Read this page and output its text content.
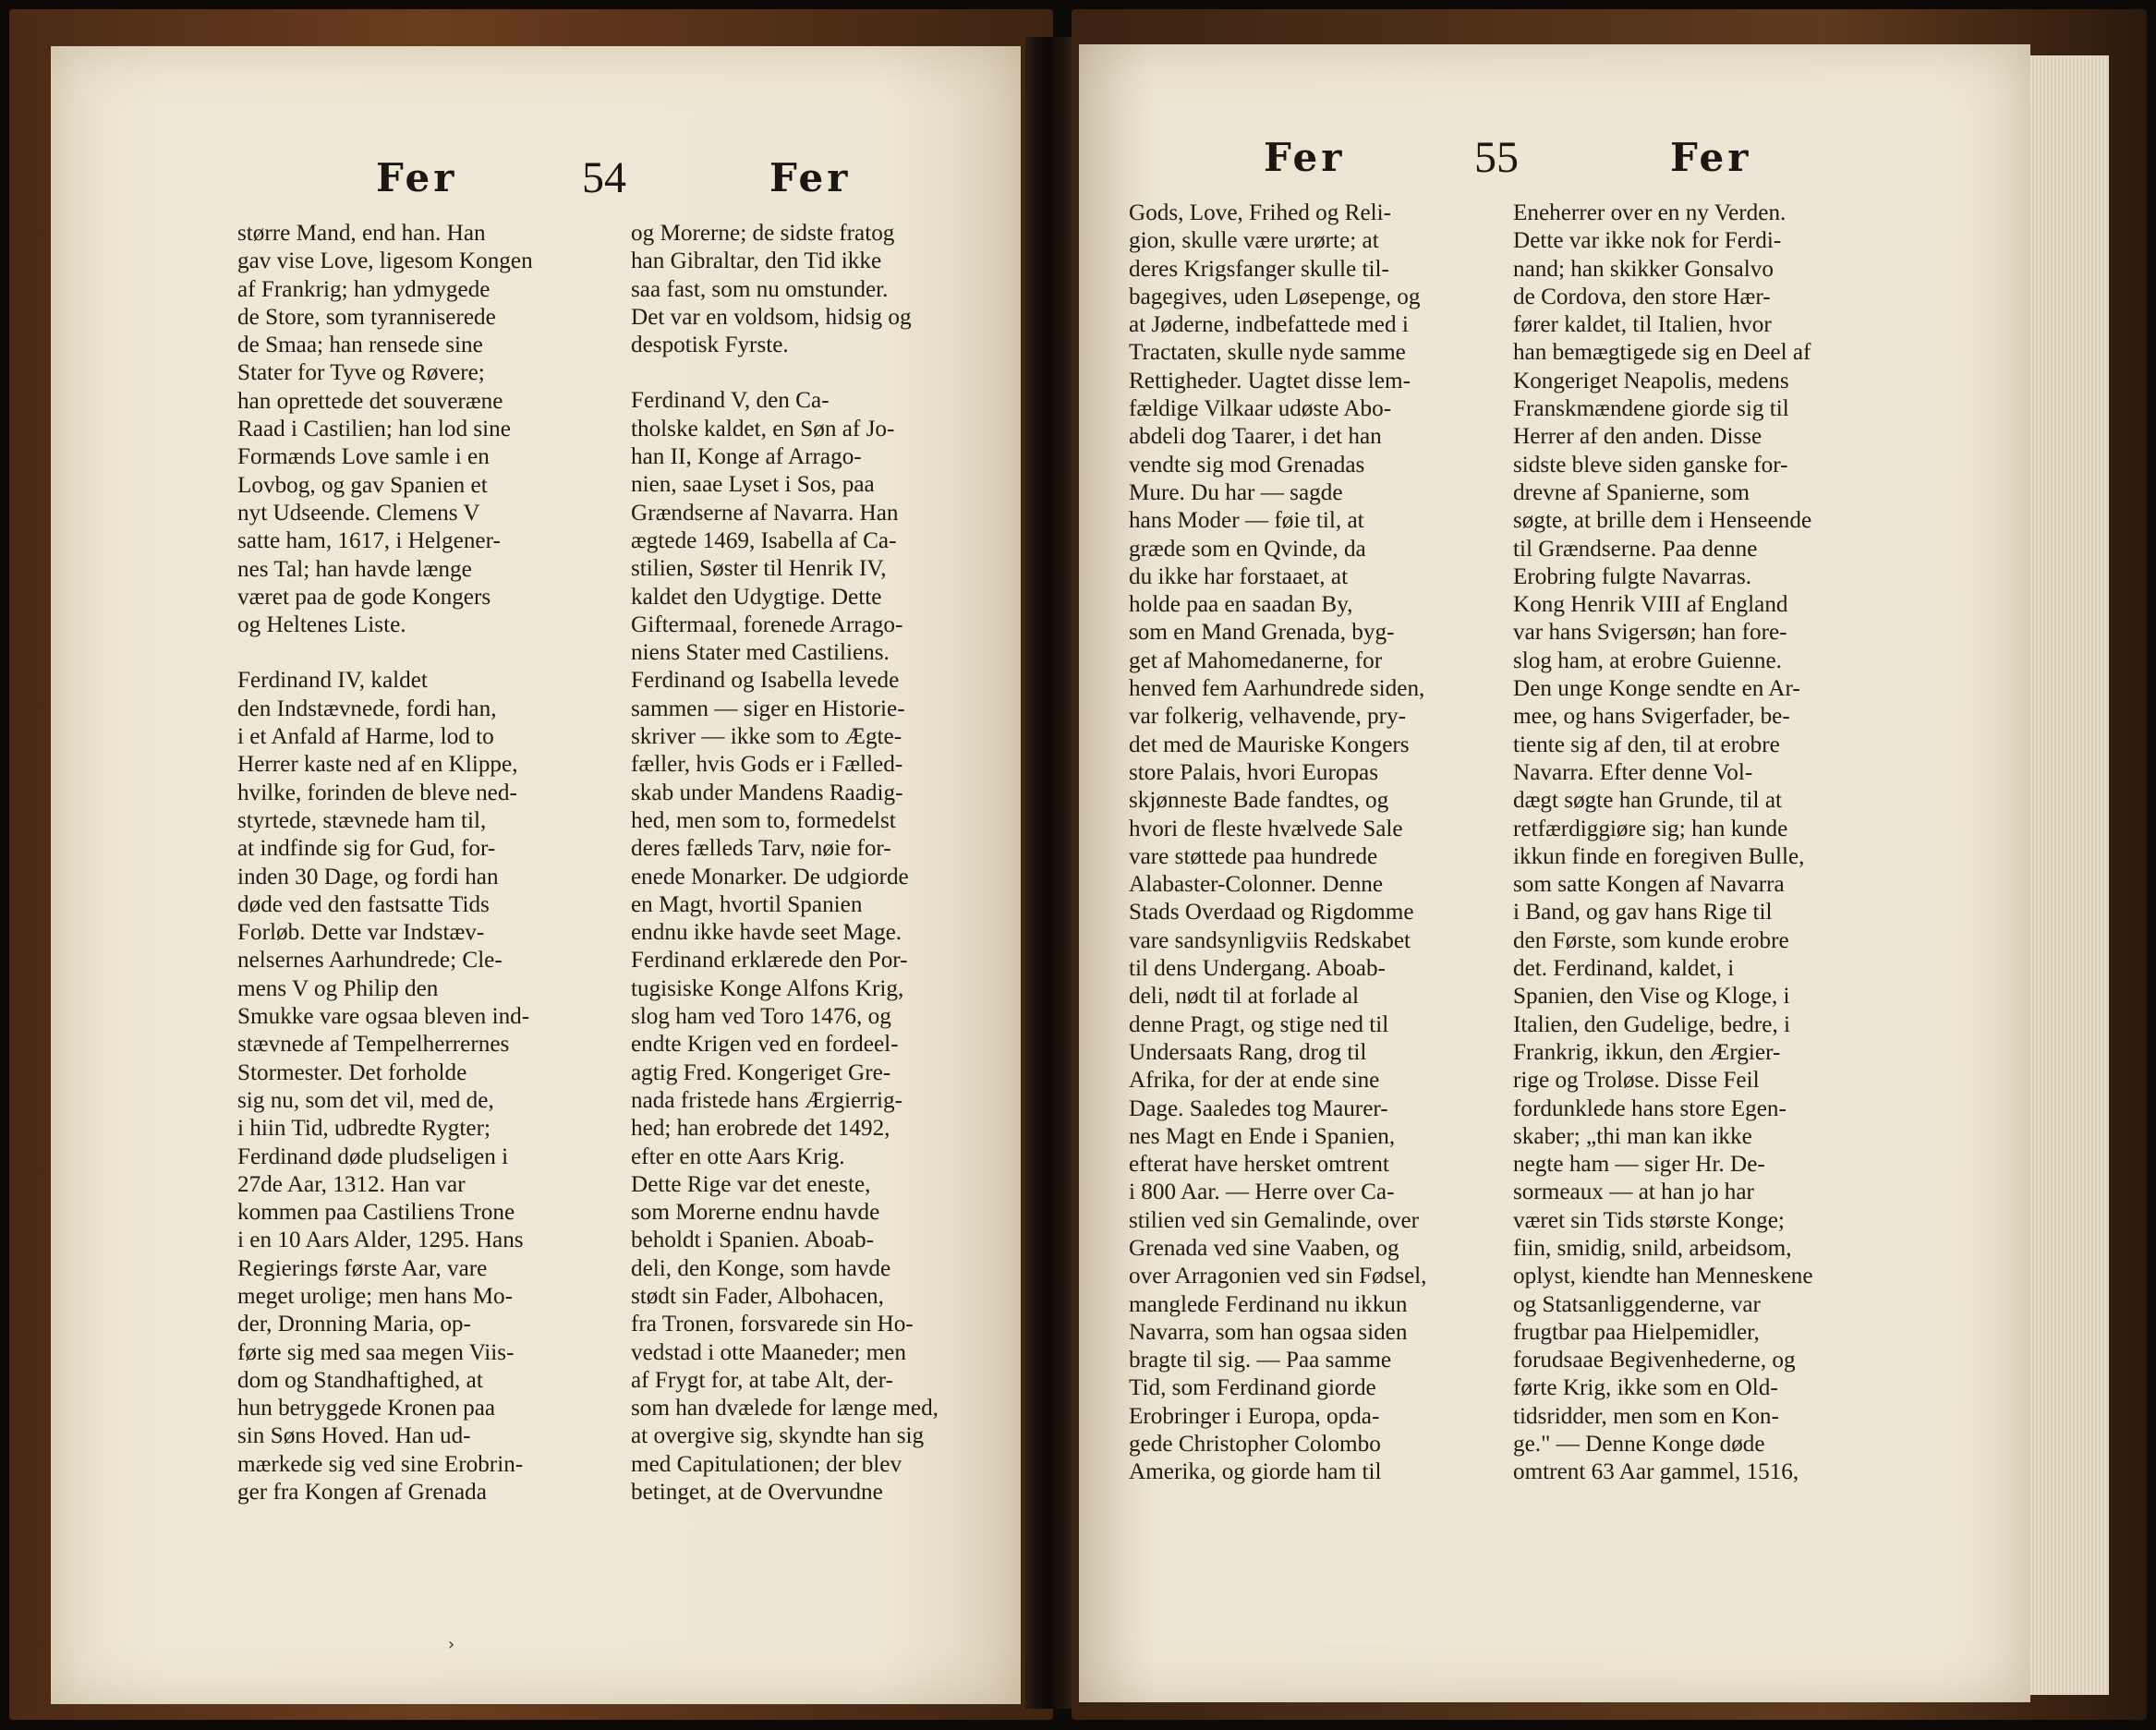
Fer	54	Fer
større Mand, end han. Han
gav vise Love, ligesom Kongen
af Frankrig; han ydmygede
de Store, som tyranniserede
de Smaa; han rensede sine
Stater for Tyve og Røvere;
han oprettede det souveræne
Raad i Castilien; han lod sine
Formænds Love samle i en
Lovbog, og gav Spanien et
nyt Udseende. Clemens V
satte ham, 1617, i Helgener-
nes Tal; han havde længe
været paa de gode Kongers
og Heltenes Liste.
Ferdinand IV, kaldet
den Indstævnede, fordi han,
i et Anfald af Harme, lod to
Herrer kaste ned af en Klippe,
hvilke, forinden de bleve ned-
styrtede, stævnede ham til,
at indfinde sig for Gud, for-
inden 30 Dage, og fordi han
døde ved den fastsatte Tids
Forløb. Dette var Indstæv-
nelsernes Aarhundrede; Cle-
mens V og Philip den
Smukke vare ogsaa bleven ind-
stævnede af Tempelherrernes
Stormester. Det forholde
sig nu, som det vil, med de,
i hiin Tid, udbredte Rygter;
Ferdinand døde pludseligen i
27de Aar, 1312. Han var
kommen paa Castiliens Trone
i en 10 Aars Alder, 1295. Hans
Regierings første Aar, vare
meget urolige; men hans Mo-
der, Dronning Maria, op-
førte sig med saa megen Viis-
dom og Standhaftighed, at
hun betryggede Kronen paa
sin Søns Hoved. Han ud-
mærkede sig ved sine Erobrin-
ger fra Kongen af Grenada
og Morerne; de sidste fratog
han Gibraltar, den Tid ikke
saa fast, som nu omstunder.
Det var en voldsom, hidsig og
despotisk Fyrste.
Ferdinand V, den Ca-
tholske kaldet, en Søn af Jo-
han II, Konge af Arrago-
nien, saae Lyset i Sos, paa
Grændserne af Navarra. Han
ægtede 1469, Isabella af Ca-
stilien, Søster til Henrik IV,
kaldet den Udygtige. Dette
Giftermaal, forenede Arrago-
niens Stater med Castiliens.
Ferdinand og Isabella levede
sammen — siger en Historie-
skriver — ikke som to Ægte-
fæller, hvis Gods er i Fælled-
skab under Mandens Raadig-
hed, men som to, formedelst
deres fælleds Tarv, nøie for-
enede Monarker. De udgiorde
en Magt, hvortil Spanien
endnu ikke havde seet Mage.
Ferdinand erklærede den Por-
tugisiske Konge Alfons Krig,
slog ham ved Toro 1476, og
endte Krigen ved en fordeel-
agtig Fred. Kongeriget Gre-
nada fristede hans Ærgierrig-
hed; han erobrede det 1492,
efter en otte Aars Krig.
Dette Rige var det eneste,
som Morerne endnu havde
beholdt i Spanien. Aboab-
deli, den Konge, som havde
stødt sin Fader, Albohacen,
fra Tronen, forsvarede sin Ho-
vedstad i otte Maaneder; men
af Frygt for, at tabe Alt, der-
som han dvælede for længe med,
at overgive sig, skyndte han sig
med Capitulationen; der blev
betinget, at de Overvundne
›
Fer	55	Fer
Gods, Love, Frihed og Reli-
gion, skulle være urørte; at
deres Krigsfanger skulle til-
bagegives, uden Løsepenge, og
at Jøderne, indbefattede med i
Tractaten, skulle nyde samme
Rettigheder. Uagtet disse lem-
fældige Vilkaar udøste Abo-
abdeli dog Taarer, i det han
vendte sig mod Grenadas
Mure. Du har — sagde
hans Moder — føie til, at
græde som en Qvinde, da
du ikke har forstaaet, at
holde paa en saadan By,
som en Mand Grenada, byg-
get af Mahomedanerne, for
henved fem Aarhundrede siden,
var folkerig, velhavende, pry-
det med de Mauriske Kongers
store Palais, hvori Europas
skjønneste Bade fandtes, og
hvori de fleste hvælvede Sale
vare støttede paa hundrede
Alabaster-Colonner. Denne
Stads Overdaad og Rigdomme
vare sandsynligviis Redskabet
til dens Undergang. Aboab-
deli, nødt til at forlade al
denne Pragt, og stige ned til
Undersaats Rang, drog til
Afrika, for der at ende sine
Dage. Saaledes tog Maurer-
nes Magt en Ende i Spanien,
efterat have hersket omtrent
i 800 Aar. — Herre over Ca-
stilien ved sin Gemalinde, over
Grenada ved sine Vaaben, og
over Arragonien ved sin Fødsel,
manglede Ferdinand nu ikkun
Navarra, som han ogsaa siden
bragte til sig. — Paa samme
Tid, som Ferdinand giorde
Erobringer i Europa, opda-
gede Christopher Colombo
Amerika, og giorde ham til
Eneherrer over en ny Verden.
Dette var ikke nok for Ferdi-
nand; han skikker Gonsalvo
de Cordova, den store Hær-
fører kaldet, til Italien, hvor
han bemægtigede sig en Deel af
Kongeriget Neapolis, medens
Franskmændene giorde sig til
Herrer af den anden. Disse
sidste bleve siden ganske for-
drevne af Spanierne, som
søgte, at brille dem i Henseende
til Grændserne. Paa denne
Erobring fulgte Navarras.
Kong Henrik VIII af England
var hans Svigersøn; han fore-
slog ham, at erobre Guienne.
Den unge Konge sendte en Ar-
mee, og hans Svigerfader, be-
tiente sig af den, til at erobre
Navarra. Efter denne Vol-
dægt søgte han Grunde, til at
retfærdiggiøre sig; han kunde
ikkun finde en foregiven Bulle,
som satte Kongen af Navarra
i Band, og gav hans Rige til
den Første, som kunde erobre
det. Ferdinand, kaldet, i
Spanien, den Vise og Kloge, i
Italien, den Gudelige, bedre, i
Frankrig, ikkun, den Ærgier-
rige og Troløse. Disse Feil
fordunklede hans store Egen-
skaber; „thi man kan ikke
negte ham — siger Hr. De-
sormeaux — at han jo har
været sin Tids største Konge;
fiin, smidig, snild, arbeidsom,
oplyst, kiendte han Menneskene
og Statsanliggenderne, var
frugtbar paa Hielpemidler,
forudsaae Begivenhederne, og
førte Krig, ikke som en Old-
tidsridder, men som en Kon-
ge." — Denne Konge døde
omtrent 63 Aar gammel, 1516,
